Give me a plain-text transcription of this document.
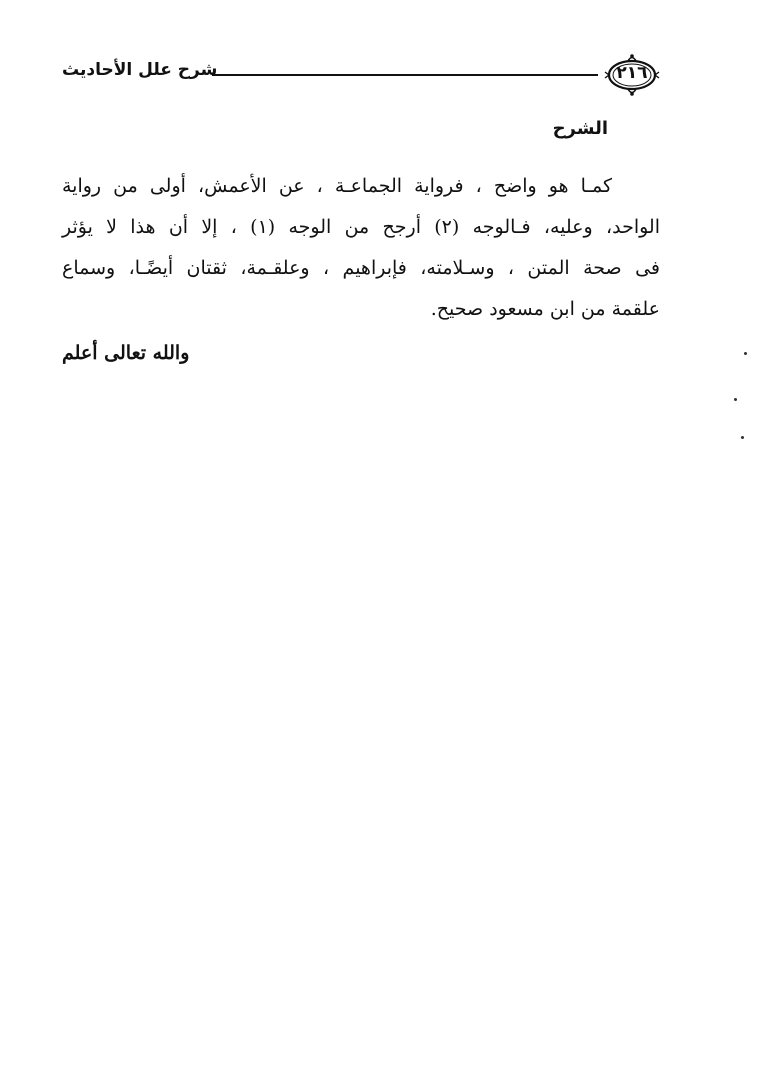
شرح علل الأحاديث	٢١٦
الشرح
كمـا هو واضح ، فرواية الجماعـة ، عن الأعمش، أولى من رواية
الواحد، وعليه، فـالوجه (٢) أرجح من الوجه (١) ، إلا أن هذا لا يؤثر
فى صحة المتن ، وسـلامته، فإبراهيم ، وعلقـمة، ثقتان أيضًـا، وسماع
علقمة من ابن مسعود صحيح.
والله تعالى أعلم
